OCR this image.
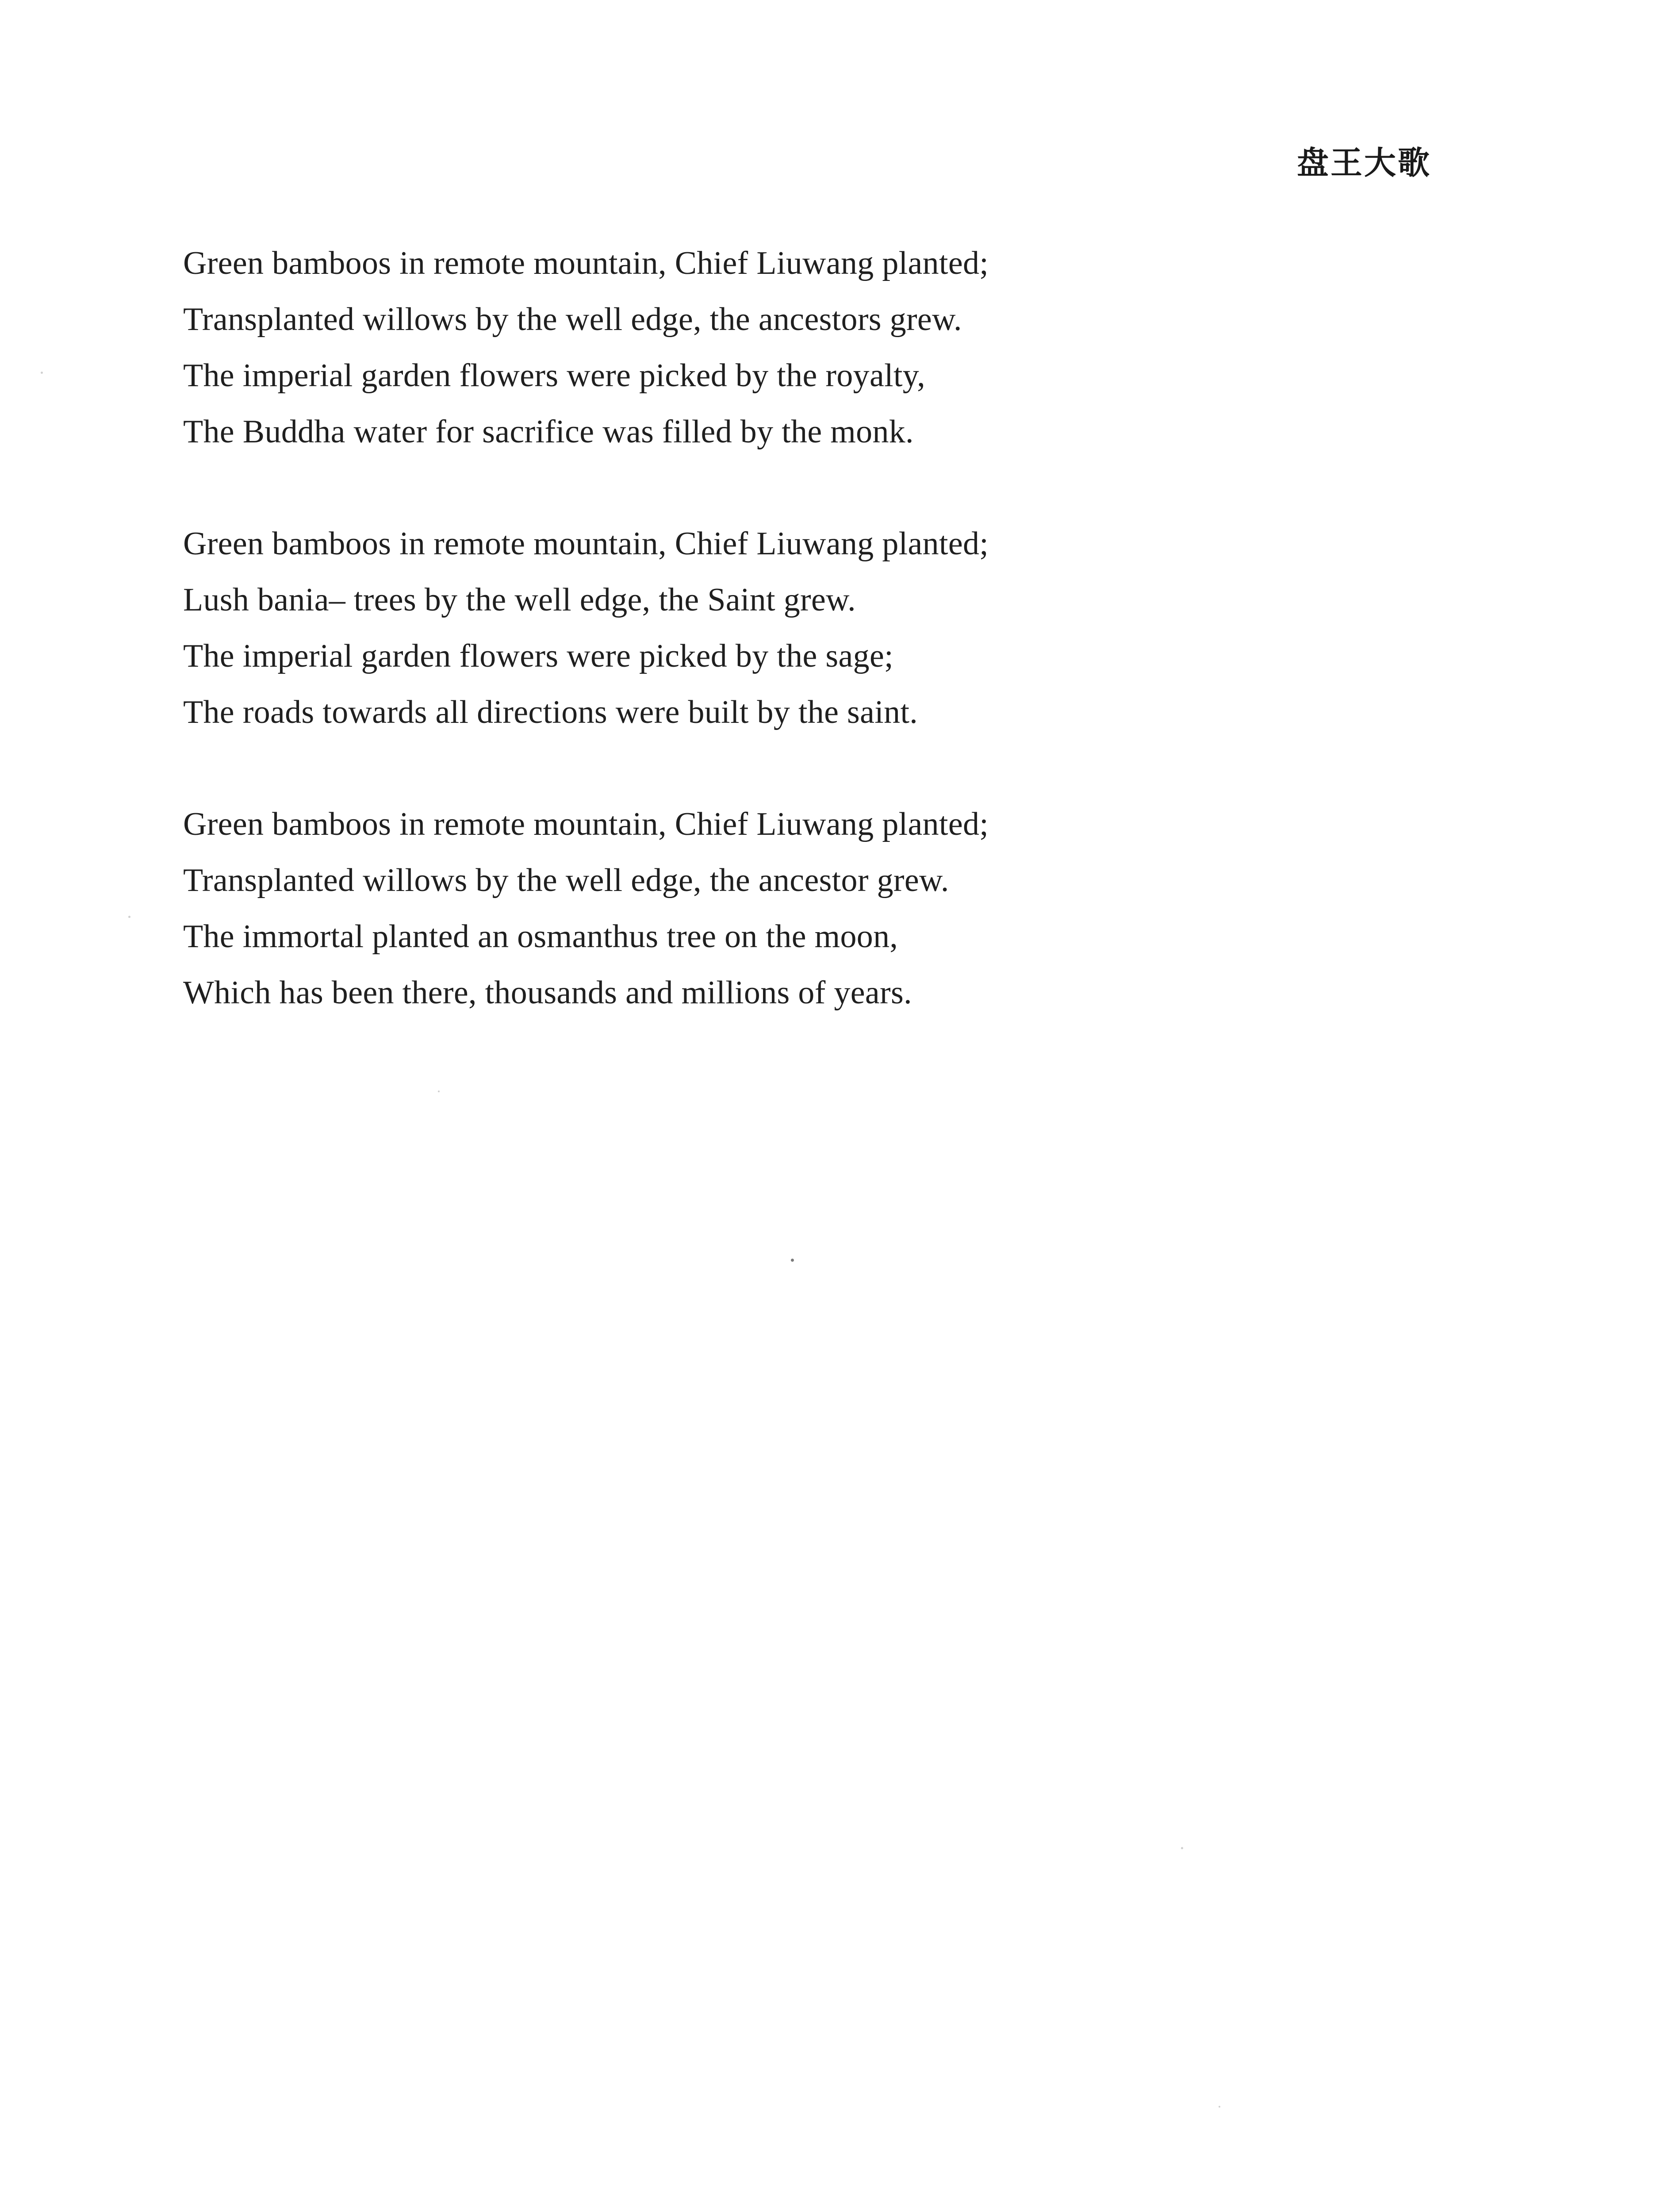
盘王大歌
Green bamboos in remote mountain, Chief Liuwang planted;
Transplanted willows by the well edge, the ancestors grew.
The imperial garden flowers were picked by the royalty,
The Buddha water for sacrifice was filled by the monk.
Green bamboos in remote mountain, Chief Liuwang planted;
Lush bania– trees by the well edge, the Saint grew.
The imperial garden flowers were picked by the sage;
The roads towards all directions were built by the saint.
Green bamboos in remote mountain, Chief Liuwang planted;
Transplanted willows by the well edge, the ancestor grew.
The immortal planted an osmanthus tree on the moon,
Which has been there, thousands and millions of years.
